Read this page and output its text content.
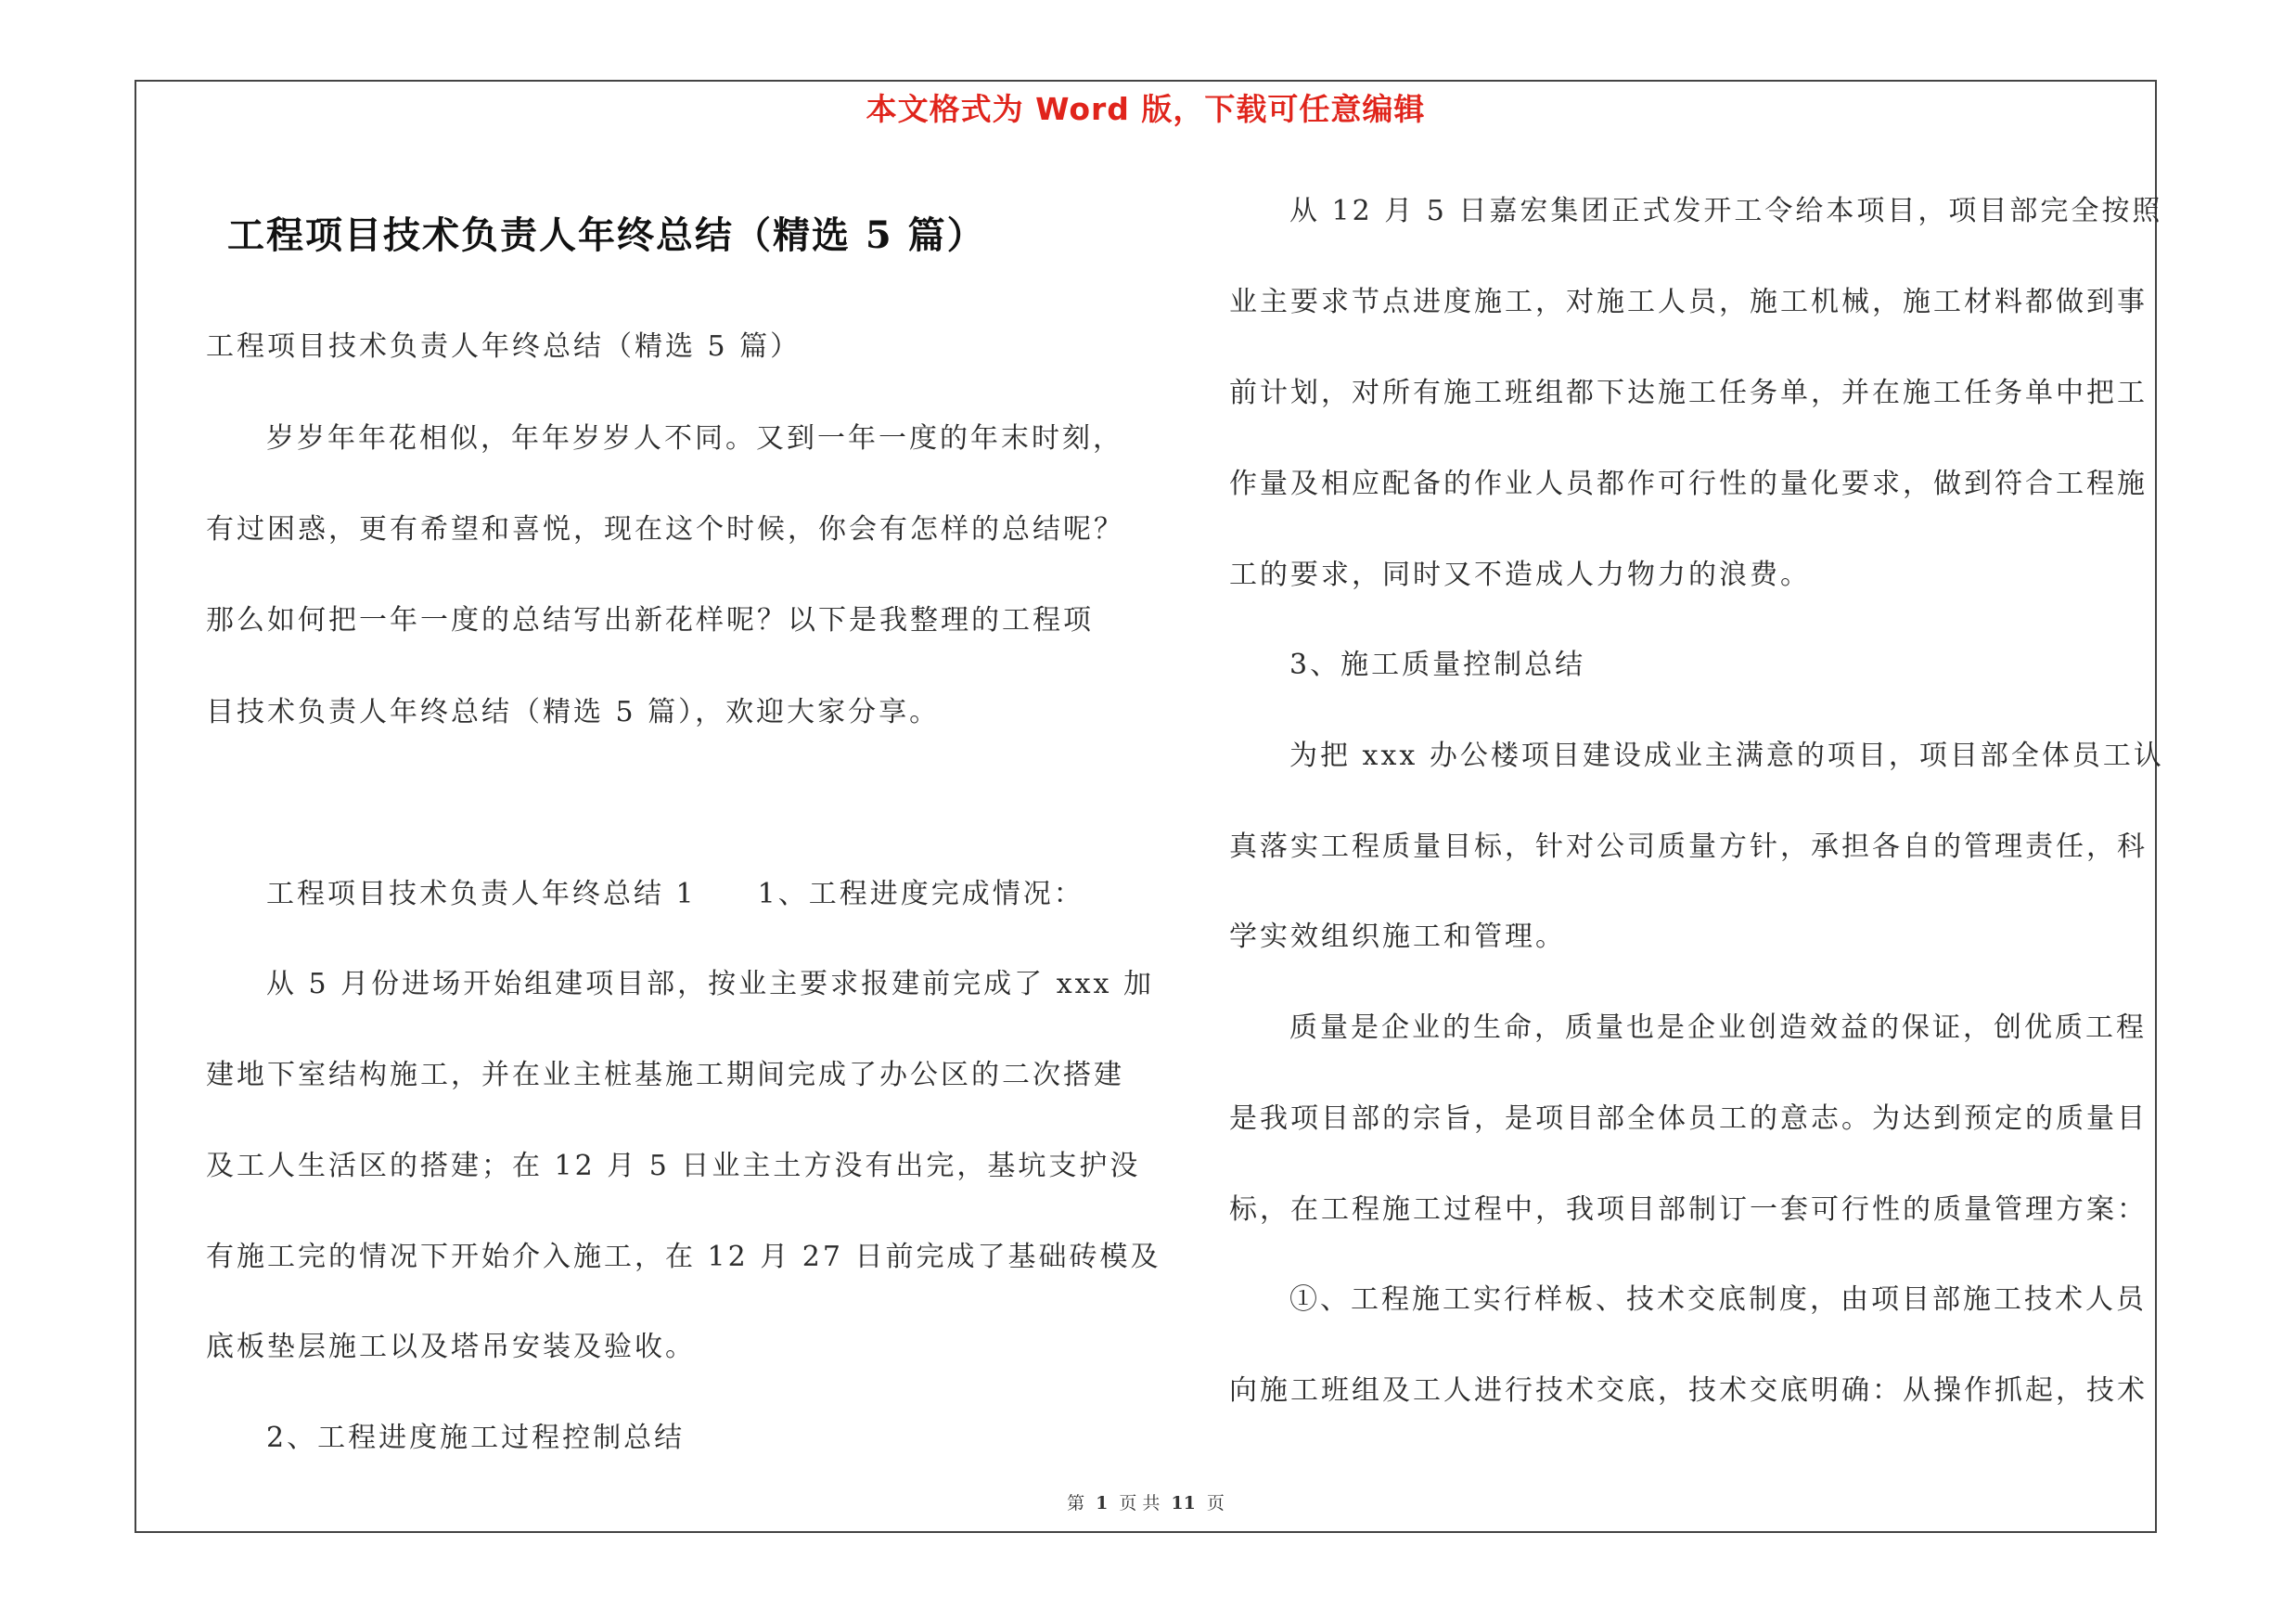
本文格式为 Word 版，下载可任意编辑
工程项目技术负责人年终总结（精选 5 篇）
工程项目技术负责人年终总结（精选 5 篇）
岁岁年年花相似，年年岁岁人不同。又到一年一度的年末时刻，
有过困惑，更有希望和喜悦，现在这个时候，你会有怎样的总结呢？
那么如何把一年一度的总结写出新花样呢？以下是我整理的工程项
目技术负责人年终总结（精选 5 篇），欢迎大家分享。
工程项目技术负责人年终总结 1　　1、工程进度完成情况：
从 5 月份进场开始组建项目部，按业主要求报建前完成了 xxx 加
建地下室结构施工，并在业主桩基施工期间完成了办公区的二次搭建
及工人生活区的搭建；在 12 月 5 日业主土方没有出完，基坑支护没
有施工完的情况下开始介入施工，在 12 月 27 日前完成了基础砖模及
底板垫层施工以及塔吊安装及验收。
2、工程进度施工过程控制总结
从 12 月 5 日嘉宏集团正式发开工令给本项目，项目部完全按照
业主要求节点进度施工，对施工人员，施工机械，施工材料都做到事
前计划，对所有施工班组都下达施工任务单，并在施工任务单中把工
作量及相应配备的作业人员都作可行性的量化要求，做到符合工程施
工的要求，同时又不造成人力物力的浪费。
3、施工质量控制总结
为把 xxx 办公楼项目建设成业主满意的项目，项目部全体员工认
真落实工程质量目标，针对公司质量方针，承担各自的管理责任，科
学实效组织施工和管理。
质量是企业的生命，质量也是企业创造效益的保证，创优质工程
是我项目部的宗旨，是项目部全体员工的意志。为达到预定的质量目
标，在工程施工过程中，我项目部制订一套可行性的质量管理方案：
①、工程施工实行样板、技术交底制度，由项目部施工技术人员
向施工班组及工人进行技术交底，技术交底明确：从操作抓起，技术
第 1 页 共 11 页
